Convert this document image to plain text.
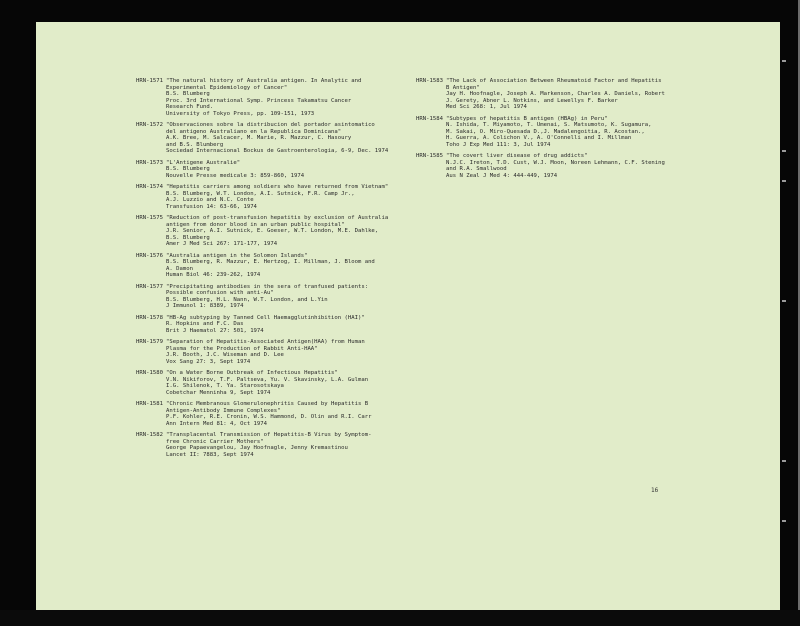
HRN-1571 "The natural history of Australia antigen. In Analytic and
Experimental Epidemiology of Cancer"
B.S. Blumberg
Proc. 3rd International Symp. Princess Takamatsu Cancer
Research Fund.
University of Tokyo Press, pp. 109-151, 1973
HRN-1572 "Observaciones sobre la distribucion del portador asintomatico
del antigeno Australiano en la Republica Dominicana"
A.K. Bree, M. Salcacer, M. Marie, R. Mazzur, C. Hasoury
and B.S. Blumberg
Sociedad Internacional Bockus de Gastroenterologia, 6-9, Dec. 1974
HRN-1573 "L'Antigene Australie"
B.S. Blumberg
Nouvelle Presse medicale 3: 859-860, 1974
HRN-1574 "Hepatitis carriers among soldiers who have returned from Vietnam"
B.S. Blumberg, W.T. London, A.I. Sutnick, F.R. Camp Jr.,
A.J. Luzzio and N.C. Conte
Transfusion 14: 63-66, 1974
HRN-1575 "Reduction of post-transfusion hepatitis by exclusion of Australia
antigen from donor blood in an urban public hospital"
J.R. Senior, A.I. Sutnick, E. Goeser, W.T. London, M.E. Dahlke,
B.S. Blumberg
Amer J Med Sci 267: 171-177, 1974
HRN-1576 "Australia antigen in the Solomon Islands"
B.S. Blumberg, R. Mazzur, E. Hertzog, I. Millman, J. Bloom and
A. Damon
Human Biol 46: 239-262, 1974
HRN-1577 "Precipitating antibodies in the sera of tranfused patients:
Possible confusion with anti-Au"
B.S. Blumberg, H.L. Nann, W.T. London, and L.Yin
J Immunol 1: 8389, 1974
HRN-1578 "HB-Ag subtyping by Tanned Cell Haemagglutinhibition (HAI)"
R. Hopkins and F.C. Das
Brit J Haematol 27: 501, 1974
HRN-1579 "Separation of Hepatitis-Associated Antigen(HAA) from Human
Plasma for the Production of Rabbit Anti-HAA"
J.R. Booth, J.C. Wiseman and D. Lee
Vox Sang 27: 3, Sept 1974
HRN-1580 "On a Water Borne Outbreak of Infectious Hepatitis"
V.N. Nikiforov, T.F. Paltseva, Yu. V. Skavinsky, L.A. Gulman
I.G. Shilenok, T. Ya. Starosotskaya
Cobetchar Menninha 9, Sept 1974
HRN-1581 "Chronic Membranous Glomerulonephritis Caused by Hepatitis B
Antigen-Antibody Immune Complexes"
P.F. Kohler, R.E. Cronin, W.S. Hammond, D. Olin and R.I. Carr
Ann Intern Med 81: 4, Oct 1974
HRN-1582 "Transplacental Transmission of Hepatitis-B Virus by Symptom-
free Chronic Carrier Mothers"
George Papaevangelou, Jay Hoofnagle, Jenny Kremastinou
Lancet II: 7883, Sept 1974
HRN-1583 "The Lack of Association Between Rheumatoid Factor and Hepatitis
B Antigen"
Jay H. Hoofnagle, Joseph A. Markenson, Charles A. Daniels, Robert
J. Gerety, Abner L. Notkins, and Lewellys F. Barker
Med Sci 268: 1, Jul 1974
HRN-1584 "Subtypes of hepatitis B antigen (HBAg) in Peru"
N. Ishida, T. Miyamoto, T. Umenai, S. Matsumoto, K. Sugamura,
M. Sakai, O. Miro-Quesada D.,J. Madalengoitia, R. Acostan.,
H. Guerra, A. Colichon V., A. O'Connelli and I. Millman
Toho J Exp Med 111: 3, Jul 1974
HRN-1585 "The covert liver disease of drug addicts"
N.J.C. Ireton, T.D. Cust, W.J. Moon, Noreen Lehmann, C.F. Stening
and R.A. Smallwood
Aus N Zeal J Med 4: 444-449, 1974
16
